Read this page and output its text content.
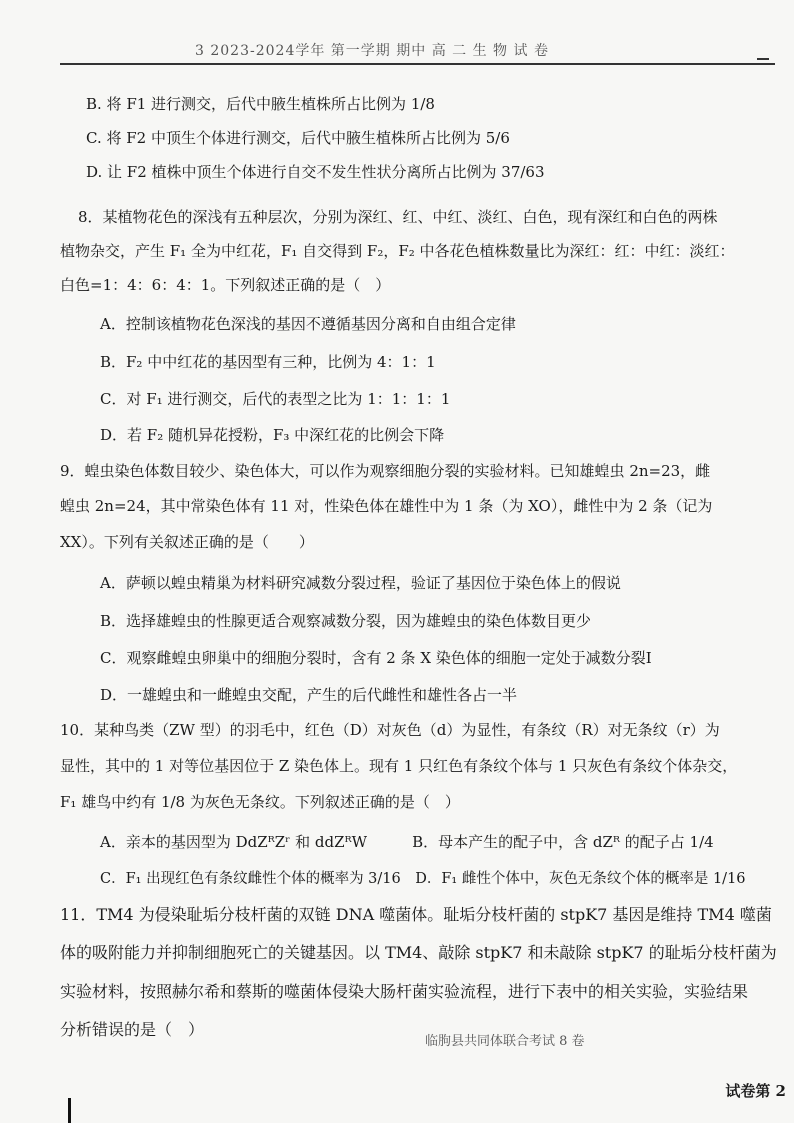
3 2023-2024学年 第一学期 期中 高 二 生 物 试 卷
B. 将 F1 进行测交，后代中腋生植株所占比例为 1/8
C. 将 F2 中顶生个体进行测交，后代中腋生植株所占比例为 5/6
D. 让 F2 植株中顶生个体进行自交不发生性状分离所占比例为 37/63
8．某植物花色的深浅有五种层次，分别为深红、红、中红、淡红、白色，现有深红和白色的两株
植物杂交，产生 F₁ 全为中红花，F₁ 自交得到 F₂，F₂ 中各花色植株数量比为深红：红：中红：淡红：
白色=1：4：6：4：1。下列叙述正确的是（　）
A．控制该植物花色深浅的基因不遵循基因分离和自由组合定律
B．F₂ 中中红花的基因型有三种，比例为 4：1：1
C．对 F₁ 进行测交，后代的表型之比为 1：1：1：1
D．若 F₂ 随机异花授粉，F₃ 中深红花的比例会下降
9．蝗虫染色体数目较少、染色体大，可以作为观察细胞分裂的实验材料。已知雄蝗虫 2n=23，雌
蝗虫 2n=24，其中常染色体有 11 对，性染色体在雄性中为 1 条（为 XO），雌性中为 2 条（记为
XX）。下列有关叙述正确的是（　　）
A．萨顿以蝗虫精巢为材料研究减数分裂过程，验证了基因位于染色体上的假说
B．选择雄蝗虫的性腺更适合观察减数分裂，因为雄蝗虫的染色体数目更少
C．观察雌蝗虫卵巢中的细胞分裂时，含有 2 条 X 染色体的细胞一定处于减数分裂Ⅰ
D．一雄蝗虫和一雌蝗虫交配，产生的后代雌性和雄性各占一半
10．某种鸟类（ZW 型）的羽毛中，红色（D）对灰色（d）为显性，有条纹（R）对无条纹（r）为
显性，其中的 1 对等位基因位于 Z 染色体上。现有 1 只红色有条纹个体与 1 只灰色有条纹个体杂交，
F₁ 雄鸟中约有 1/8 为灰色无条纹。下列叙述正确的是（　）
A．亲本的基因型为 DdZᴿZʳ 和 ddZᴿW　　　B．母本产生的配子中，含 dZᴿ 的配子占 1/4
C．F₁ 出现红色有条纹雌性个体的概率为 3/16　D．F₁ 雌性个体中，灰色无条纹个体的概率是 1/16
11．TM4 为侵染耻垢分枝杆菌的双链 DNA 噬菌体。耻垢分枝杆菌的 stpK7 基因是维持 TM4 噬菌
体的吸附能力并抑制细胞死亡的关键基因。以 TM4、敲除 stpK7 和未敲除 stpK7 的耻垢分枝杆菌为
实验材料，按照赫尔希和蔡斯的噬菌体侵染大肠杆菌实验流程，进行下表中的相关实验，实验结果
分析错误的是（　）
临朐县共同体联合考试 8 卷
试卷第 2
